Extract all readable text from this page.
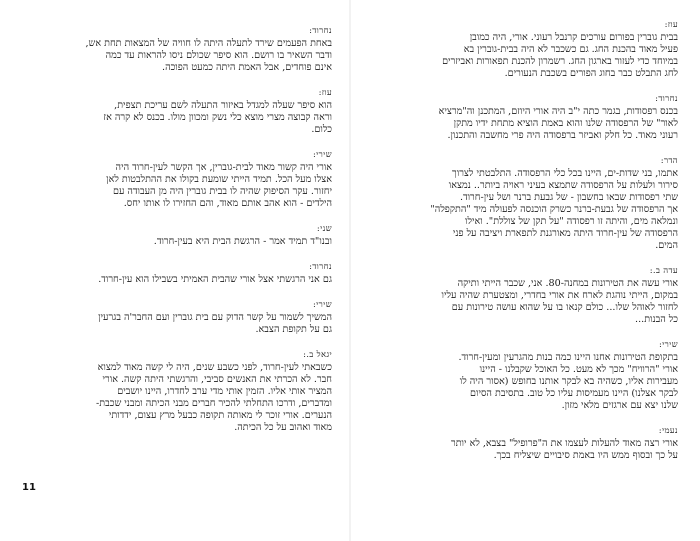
נחרוד:
באחת הפעמים שירד לתעלה היתה לו חוויה של המצאות תחת אש,
ודבר השאיר בו רושם. הוא סיפר שכולם ניסו להראות עד כמה
אינם פוחדים, אבל האמת היתה כמעט הפוכה.
עוז:
הוא סיפר שעלה למגדל באיזור התעלה לשם עריכת תצפית,
וראה קבוצה מצרי מוצא כלי נשק ומכוון מולו. בכנס לא קרה אז
כלום.
שירי:
אורי היה קשור מאוד לבית-גוברין, אך הקשר לעין-חרוד היה
אצלו מעל הכל. תמיד הייתי שומעת בקולו את ההתלבטות לאן
יחזור. עקר הסיפוק שהיה לו בבית גוברין היה מן העבודה עם
הילדים - הוא אהב אותם מאוד, והם החזירו לו אותו יחס.
שני:
ובנו"ד תמיד אמר - הרגשת הבית היא בעין-חרוד.
נחרוד:
גם אני הרגשתי אצל אורי שהבית האמיתי בשבילו הוא עין-חרוד.
שירי:
המשיך לשמור על קשר הדוק עם בית גוברין ועם החבר'ה בגרעין
גם על תקופת הצבא.
יגאל ב.:
כשבאתי לעין-חרוד, לפני כשבע שנים, היה לי קשה מאוד למצוא
חבר. לא הכרתי את האנשים סביבי, והרגשתי היתה קשה. אורי
המציר אותי אליו. הזמין אותי מדי ערב לחדרו, היינו יושבים
ומדברים, ודרכו התחלתי להכיר חברים מבני הכיתה ומבני שכבת-
הנערים. אורי זוכר לי מאותה תקופה כבעל מרץ עצום, ידדותי
מאוד ואהוב על כל הכיתה.
11
עוז:
בבית גוברין בפורום עורכים קרנבל רעוני. אורי, היה כמובן
פעיל מאוד בהכנת החג. גם כשכבר לא היה בבית-גוברין בא
במיוחד כדי לעזור בארגון החג. רשמרון להכנת תפאורות ואביזרים
לחג התבלט כבר בחוג הפורים בשכבת הנעורים.
נחרוד:
בכנס רפסודות, בגמר כתה י"ב היה אורי היוזם, המתכנן וה"מרציא
לאור" של הרפסודה שלנו והוא באמת הוציא מתחת ידיו מתקן
רעוני מאוד. כל חלק ואביזר ברפסודה היה פרי מחשבה והתכנון.
הדר:
אתמו, בני שדות-ים, היינו בכל כלי הרפסודה. התלבטתי לצרוך
סירור ולעלות על הרפסודה שתמצא בעיני ראויה ביותר.. נמצאו
שתי רפסודות שבאו בחשבון - של גבעת ברנר ושל עין-חרוד.
אך הרפסודה של גבעת-ברנר כשרק הוכנסה לפעולה מיד "התקפלה"
ונמלאה מים, והיתה זו רפסודה "על תקן של צוללת". ואילו
הרפסודה של עין-חרוד היתה מאורגנת לתפארת ויציבה על פני
המים.
עדה ב.:
אורי עשה את הטירונות במחנה-80. אני, שכבר הייתי ותיקה
במקום, הייתי נוהגת לארח את אורי בחדרי, ומצטערת שהיה עליו
לחזור לאוהל שלו... כולם קנאו בו על שהוא עושה טירונות עם
כל הבנות...
שירי:
בתקופת הטירונות אחנו היינו כמה בנות מהגרעין ומעין-חרוד.
אורי "הרוויח" מכך לא מעט. כל האוכל שקבלנו - היינו
מעבירות אליו, כשהיה בא לבקר אותנו בחופש (אסור היה לו
לבקר אצלנו) היינו מעמיסות עליו כל טוב. בתסיבת הסיום
שלנו יצא עם ארגזים מלאי מזון.
נעמי:
אורי רצה מאוד להעלות לעצמו את ה"פרופיל" בצבא, לא יותר
על כך ובסוף ממש היו באמת סיבויים שיצליח בכך.
